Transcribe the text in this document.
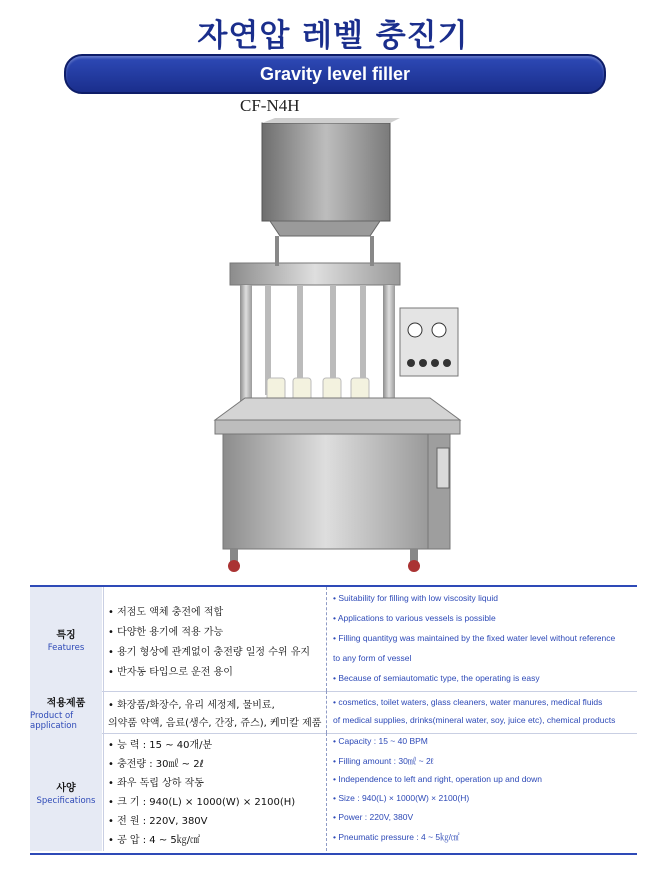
자연압 레벨 충진기
Gravity level filler
CF-N4H
특징
Features
• 저점도 액체 충전에 적합
• 다양한 용기에 적용 가능
• 용기 형상에 관계없이 충전량 일정 수위 유지
• 반자동 타입으로 운전 용이
• Suitability for filling with low viscosity liquid
• Applications to various vessels is possible
• Filling quantityg was maintained by the fixed water level without reference
to any form of vessel
• Because of semiautomatic type, the operating is easy
적용제품
Product of application
• 화장품/화장수, 유리 세정제, 물비료,
의약품 약액, 음료(생수, 간장, 쥬스), 케미칼 제품
• cosmetics, toilet waters, glass cleaners, water manures, medical fluids
of medical supplies, drinks(mineral water, soy, juice etc), chemical products
사양
Specifications
• 능 력 : 15 ~ 40개/분
• 충전량 : 30㎖ ~ 2ℓ
• 좌우 독립 상하 작동
• 크 기 : 940(L) × 1000(W) × 2100(H)
• 전 원 : 220V, 380V
• 공 압 : 4 ~ 5㎏/㎠
• Capacity : 15 ~ 40 BPM
• Filling amount : 30㎖ ~ 2ℓ
• Independence to left and right, operation up and down
• Size : 940(L) × 1000(W) × 2100(H)
• Power : 220V, 380V
• Pneumatic pressure : 4 ~ 5㎏/㎠
